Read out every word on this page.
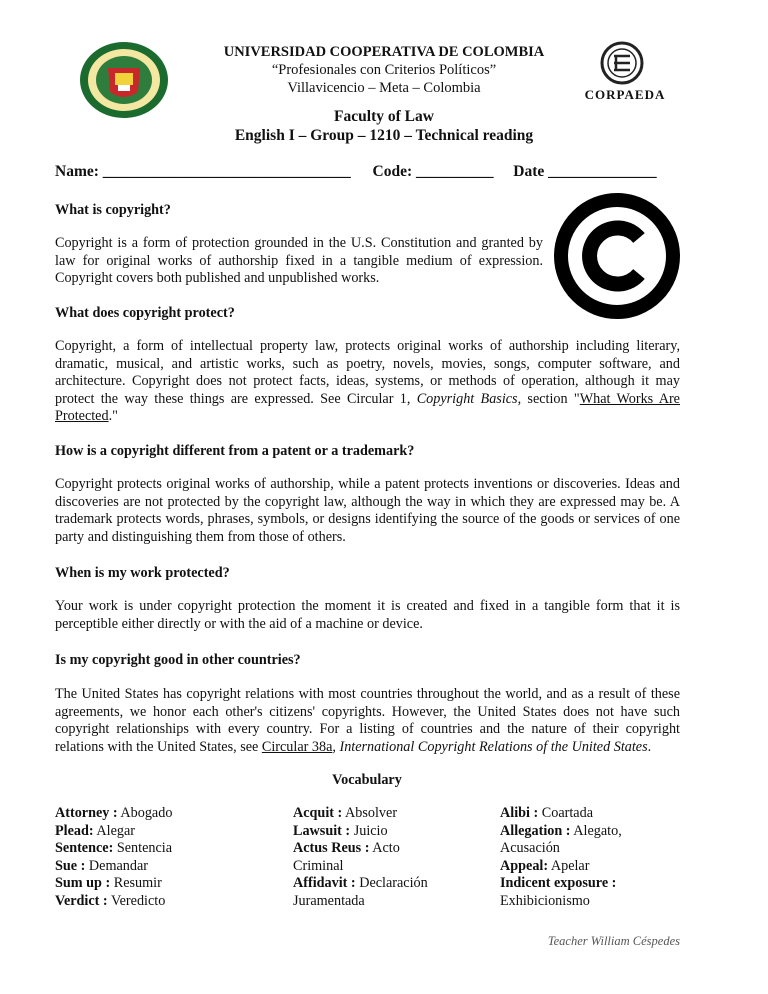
CORPAEDA
UNIVERSIDAD COOPERATIVA DE COLOMBIA
“Profesionales con Criterios Políticos”
Villavicencio – Meta – Colombia
Faculty of Law
English I – Group – 1210 – Technical reading
Name: ________________________________ Code: __________ Date ______________
What is copyright?
Copyright is a form of protection grounded in the U.S. Constitution and granted by law for original works of authorship fixed in a tangible medium of expression. Copyright covers both published and unpublished works.
What does copyright protect?
Copyright, a form of intellectual property law, protects original works of authorship including literary, dramatic, musical, and artistic works, such as poetry, novels, movies, songs, computer software, and architecture. Copyright does not protect facts, ideas, systems, or methods of operation, although it may protect the way these things are expressed. See Circular 1, Copyright Basics, section "What Works Are Protected."
How is a copyright different from a patent or a trademark?
Copyright protects original works of authorship, while a patent protects inventions or discoveries. Ideas and discoveries are not protected by the copyright law, although the way in which they are expressed may be. A trademark protects words, phrases, symbols, or designs identifying the source of the goods or services of one party and distinguishing them from those of others.
When is my work protected?
Your work is under copyright protection the moment it is created and fixed in a tangible form that it is perceptible either directly or with the aid of a machine or device.
Is my copyright good in other countries?
The United States has copyright relations with most countries throughout the world, and as a result of these agreements, we honor each other's citizens' copyrights. However, the United States does not have such copyright relationships with every country. For a listing of countries and the nature of their copyright relations with the United States, see Circular 38a, International Copyright Relations of the United States.
Vocabulary
Attorney : Abogado
Plead: Alegar
Sentence: Sentencia
Sue : Demandar
Sum up : Resumir
Verdict : Veredicto
Acquit : Absolver
Lawsuit : Juicio
Actus Reus : Acto
Criminal
Affidavit : Declaración
Juramentada
Alibi : Coartada
Allegation : Alegato,
Acusación
Appeal: Apelar
Indicent exposure :
Exhibicionismo
Teacher William Céspedes
